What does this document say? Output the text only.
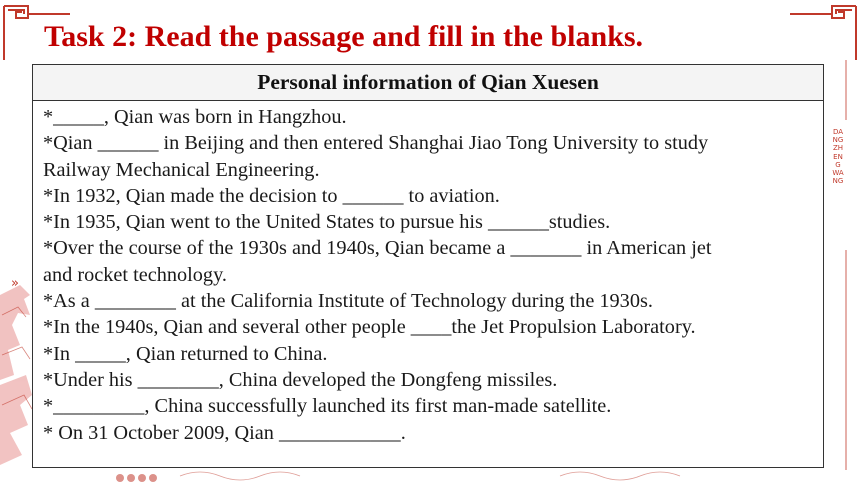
»
DANGZHENGWANG
Task 2: Read the passage and fill in the blanks.
Personal information of Qian Xuesen
*_____, Qian was born in Hangzhou.
*Qian ______ in Beijing and then entered Shanghai Jiao Tong University to study
Railway Mechanical Engineering.
*In 1932, Qian made the decision to ______ to aviation.
*In 1935, Qian went to the United States to pursue his ______studies.
*Over the course of the 1930s and 1940s, Qian became a _______ in American jet
and rocket technology.
*As a ________ at the California Institute of Technology during the 1930s.
*In the 1940s, Qian and several other people ____the Jet Propulsion Laboratory.
*In _____, Qian returned to China.
*Under his ________, China developed the Dongfeng missiles.
*_________, China successfully launched its first man-made satellite.
* On 31 October 2009, Qian ____________.
